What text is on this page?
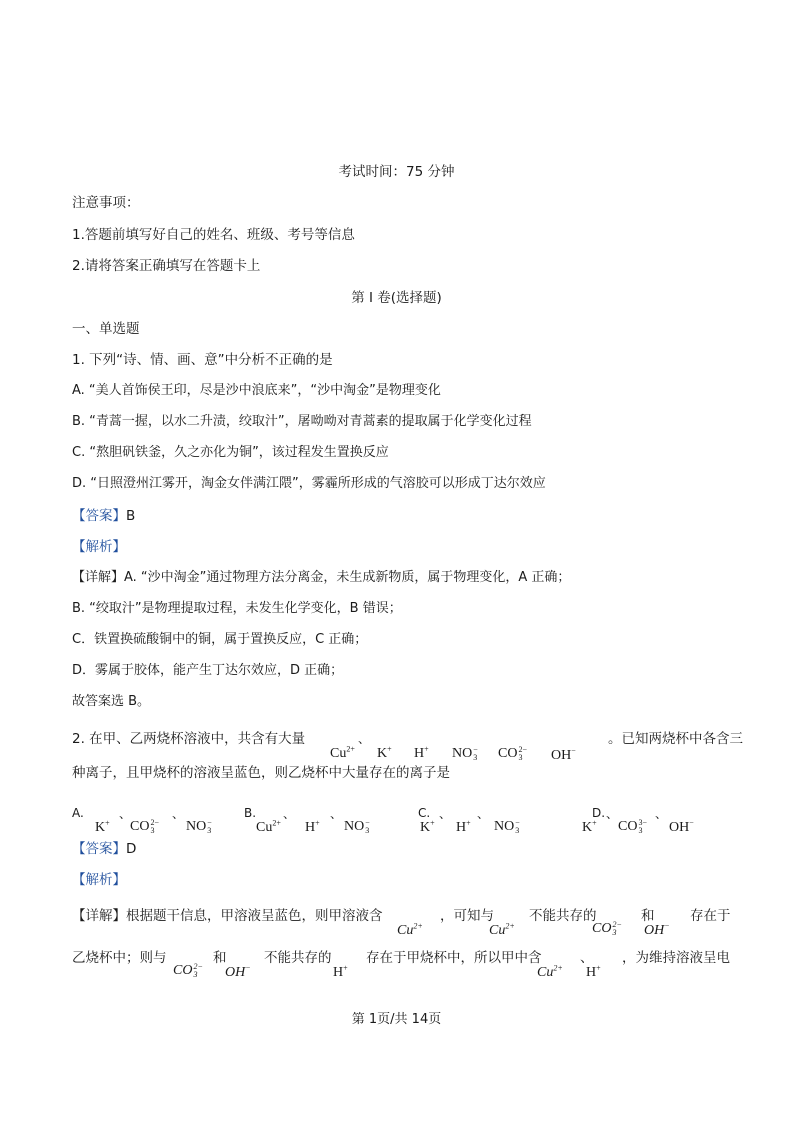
考试时间：75 分钟
注意事项：
1.答题前填写好自己的姓名、班级、考号等信息
2.请将答案正确填写在答题卡上
第 I 卷(选择题)
一、单选题
1. 下列“诗、情、画、意”中分析不正确的是
A. “美人首饰侯王印，尽是沙中浪底来”，“沙中淘金”是物理变化
B. “青蒿一握，以水二升渍，绞取汁”，屠呦呦对青蒿素的提取属于化学变化过程
C. “熬胆矾铁釜，久之亦化为铜”，该过程发生置换反应
D. “日照澄州江雾开，淘金女伴满江隈”，雾霾所形成的气溶胶可以形成丁达尔效应
【答案】B
【解析】
【详解】A. “沙中淘金”通过物理方法分离金，未生成新物质，属于物理变化，A 正确；
B. “绞取汁”是物理提取过程，未发生化学变化，B 错误；
C．铁置换硫酸铜中的铜，属于置换反应，C 正确；
D．雾属于胶体，能产生丁达尔效应，D 正确；
故答案选 B。
2. 在甲、乙两烧杯溶液中，共含有大量
$Cu^{2+}$
、
K+ H+ NO−
3 CO2−
3	OH−
。已知两烧杯中各含三
种离子，且甲烧杯的溶液呈蓝色，则乙烧杯中大量存在的离子是
A.	、	、
K+ CO2−
3	NO−
3
B. 、	、
$Cu^{2+}$ H+ NO−
3
C. 、 、
K+ H+ NO−
3
D. 、	、
K+ CO3−
3	OH−
【答案】D
【解析】
【详解】根据题干信息，甲溶液呈蓝色，则甲溶液含
$Cu^{2+}$
，可知与
$Cu^{2+}$
不能共存的
CO2−
3
和
OH−
存在于
乙烧杯中；则与
CO2−
3
和
OH−
不能共存的
H+
存在于甲烧杯中，所以甲中含
$Cu^{2+}$
、
H+
，为维持溶液呈电
第 1页/共 14页
